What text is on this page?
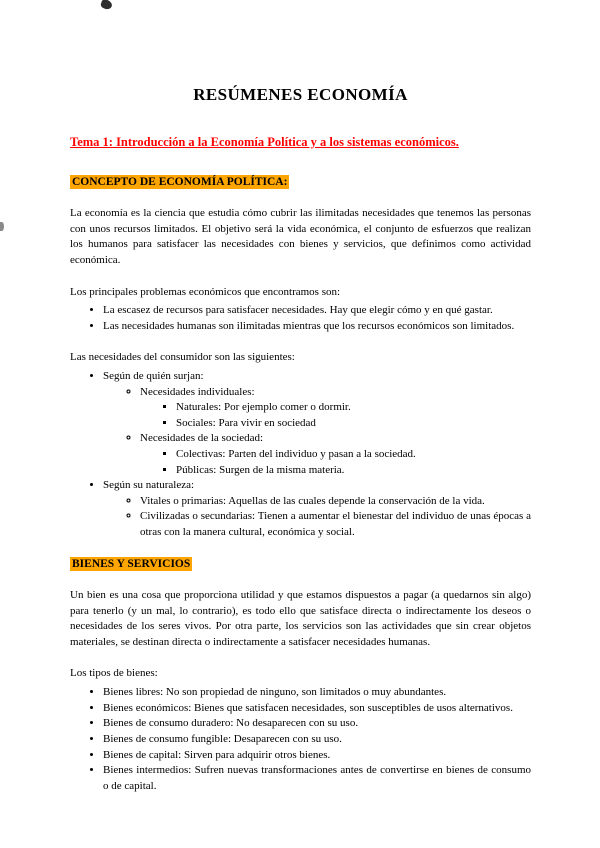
RESÚMENES ECONOMÍA
Tema 1: Introducción a la Economía Política y a los sistemas económicos.
CONCEPTO DE ECONOMÍA POLÍTICA:

La economía es la ciencia que estudia cómo cubrir las ilimitadas necesidades que tenemos las personas con unos recursos limitados. El objetivo será la vida económica, el conjunto de esfuerzos que realizan los humanos para satisfacer las necesidades con bienes y servicios, que definimos como actividad económica.

Los principales problemas económicos que encontramos son:

• La escasez de recursos para satisfacer necesidades. Hay que elegir cómo y en qué gastar.
• Las necesidades humanas son ilimitadas mientras que los recursos económicos son limitados.

Las necesidades del consumidor son las siguientes:

• Según de quién surjan:
◦ Necesidades individuales:
▪ Naturales: Por ejemplo comer o dormir.
▪ Sociales: Para vivir en sociedad
◦ Necesidades de la sociedad:
▪ Colectivas: Parten del individuo y pasan a la sociedad.
▪ Públicas: Surgen de la misma materia.
• Según su naturaleza:
◦ Vitales o primarias: Aquellas de las cuales depende la conservación de la vida.
◦ Civilizadas o secundarias: Tienen a aumentar el bienestar del individuo de unas épocas a otras con la manera cultural, económica y social.
BIENES Y SERVICIOS

Un bien es una cosa que proporciona utilidad y que estamos dispuestos a pagar (a quedarnos sin algo) para tenerlo (y un mal, lo contrario), es todo ello que satisface directa o indirectamente los deseos o necesidades de los seres vivos. Por otra parte, los servicios son las actividades que sin crear objetos materiales, se destinan directa o indirectamente a satisfacer necesidades humanas.

Los tipos de bienes:

• Bienes libres: No son propiedad de ninguno, son limitados o muy abundantes.
• Bienes económicos: Bienes que satisfacen necesidades, son susceptibles de usos alternativos.
• Bienes de consumo duradero: No desaparecen con su uso.
• Bienes de consumo fungible: Desaparecen con su uso.
• Bienes de capital: Sirven para adquirir otros bienes.
• Bienes intermedios: Sufren nuevas transformaciones antes de convertirse en bienes de consumo o de capital.
